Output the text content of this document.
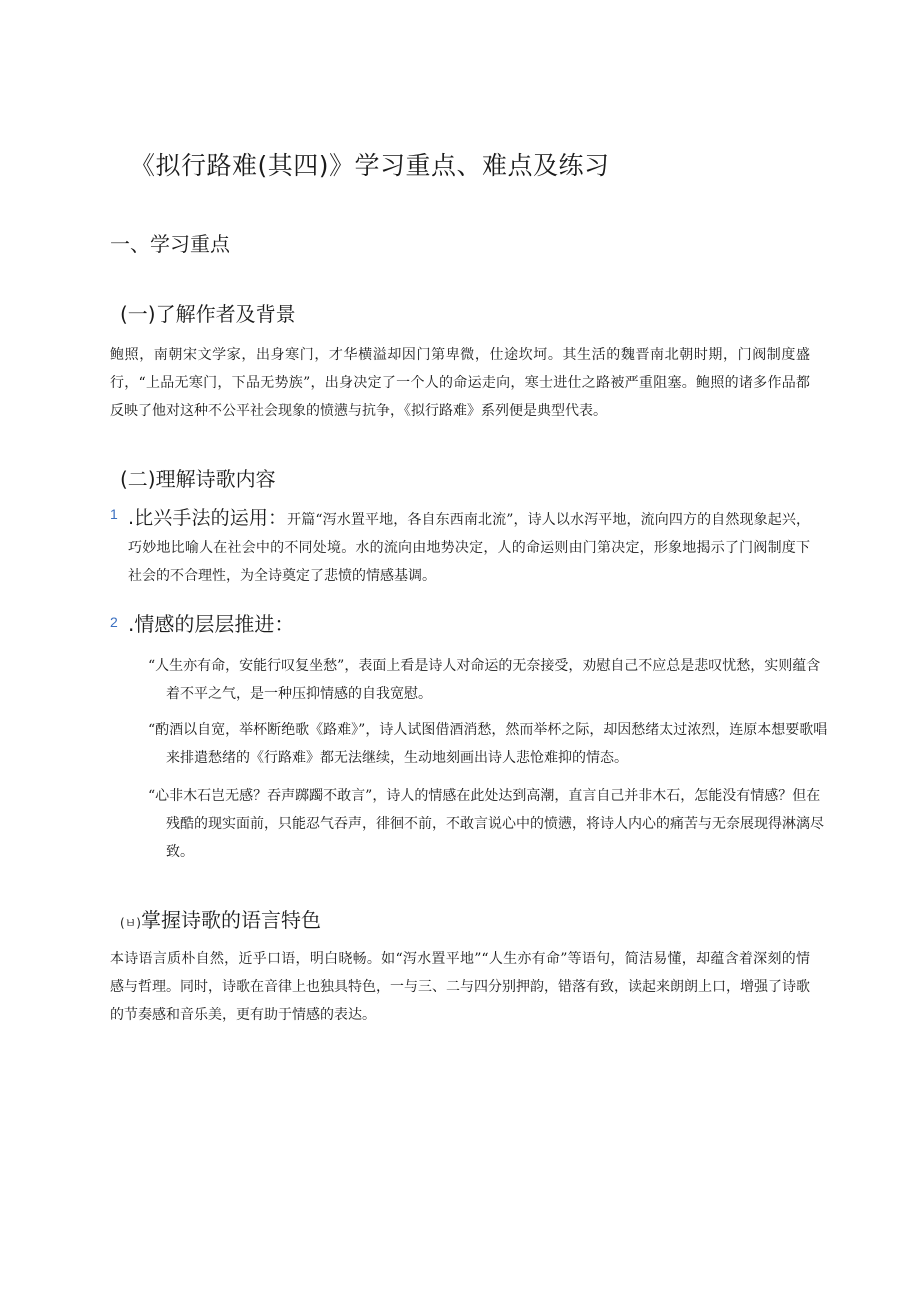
《拟行路难(其四)》学习重点、难点及练习
一、学习重点
(一)了解作者及背景
鲍照，南朝宋文学家，出身寒门，才华横溢却因门第卑微，仕途坎坷。其生活的魏晋南北朝时期，门阀制度盛行，“上品无寒门，下品无势族”，出身决定了一个人的命运走向，寒士进仕之路被严重阻塞。鲍照的诸多作品都反映了他对这种不公平社会现象的愤懑与抗争，《拟行路难》系列便是典型代表。
(二)理解诗歌内容
1 .比兴手法的运用：开篇“泻水置平地，各自东西南北流”，诗人以水泻平地，流向四方的自然现象起兴，巧妙地比喻人在社会中的不同处境。水的流向由地势决定，人的命运则由门第决定，形象地揭示了门阀制度下社会的不合理性，为全诗奠定了悲愤的情感基调。
2 .情感的层层推进：
“人生亦有命，安能行叹复坐愁”，表面上看是诗人对命运的无奈接受，劝慰自己不应总是悲叹忧愁，实则蕴含着不平之气，是一种压抑情感的自我宽慰。
“酌酒以自宽，举杯断绝歌《路难》”，诗人试图借酒消愁，然而举杯之际，却因愁绪太过浓烈，连原本想要歌唱来排遣愁绪的《行路难》都无法继续，生动地刻画出诗人悲怆难抑的情态。
“心非木石岂无感？吞声踯躅不敢言”，诗人的情感在此处达到高潮，直言自己并非木石，怎能没有情感？但在残酷的现实面前，只能忍气吞声，徘徊不前，不敢言说心中的愤懑，将诗人内心的痛苦与无奈展现得淋漓尽致。
(ㅂ)掌握诗歌的语言特色
本诗语言质朴自然，近乎口语，明白晓畅。如“泻水置平地”“人生亦有命”等语句，简洁易懂，却蕴含着深刻的情感与哲理。同时，诗歌在音律上也独具特色，一与三、二与四分别押韵，错落有致，读起来朗朗上口，增强了诗歌的节奏感和音乐美，更有助于情感的表达。
